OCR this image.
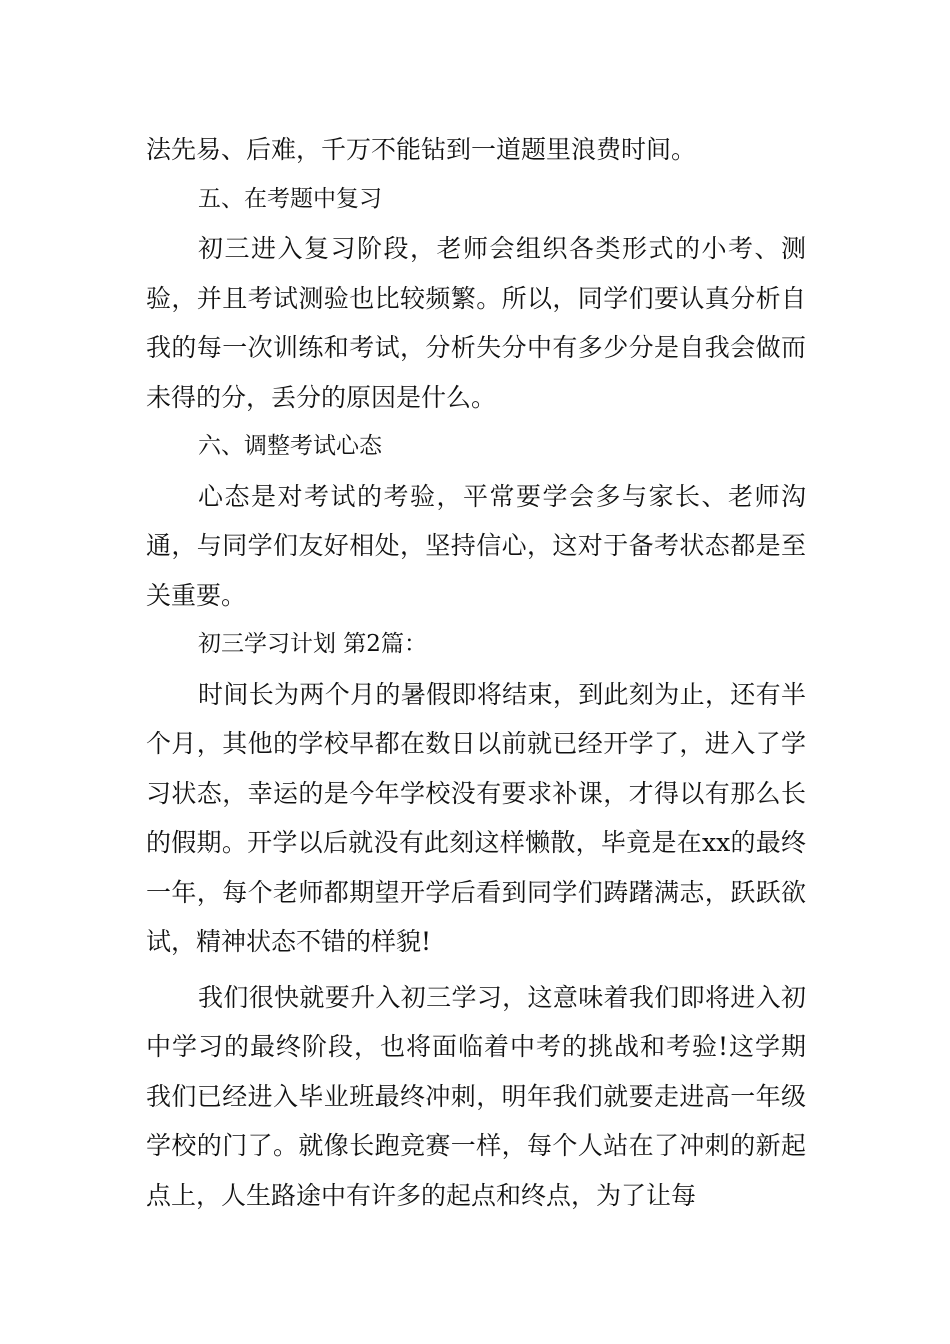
法先易、后难，千万不能钻到一道题里浪费时间。

五、在考题中复习

初三进入复习阶段，老师会组织各类形式的小考、测验，并且考试测验也比较频繁。所以，同学们要认真分析自我的每一次训练和考试，分析失分中有多少分是自我会做而未得的分，丢分的原因是什么。

六、调整考试心态

心态是对考试的考验，平常要学会多与家长、老师沟通，与同学们友好相处，坚持信心，这对于备考状态都是至关重要。

初三学习计划 第2篇：

时间长为两个月的暑假即将结束，到此刻为止，还有半个月，其他的学校早都在数日以前就已经开学了，进入了学习状态，幸运的是今年学校没有要求补课，才得以有那么长的假期。开学以后就没有此刻这样懒散，毕竟是在xx的最终一年，每个老师都期望开学后看到同学们踌躇满志，跃跃欲试，精神状态不错的样貌!

我们很快就要升入初三学习，这意味着我们即将进入初中学习的最终阶段，也将面临着中考的挑战和考验!这学期我们已经进入毕业班最终冲刺，明年我们就要走进高一年级学校的门了。就像长跑竞赛一样，每个人站在了冲刺的新起点上，人生路途中有许多的起点和终点，为了让每
